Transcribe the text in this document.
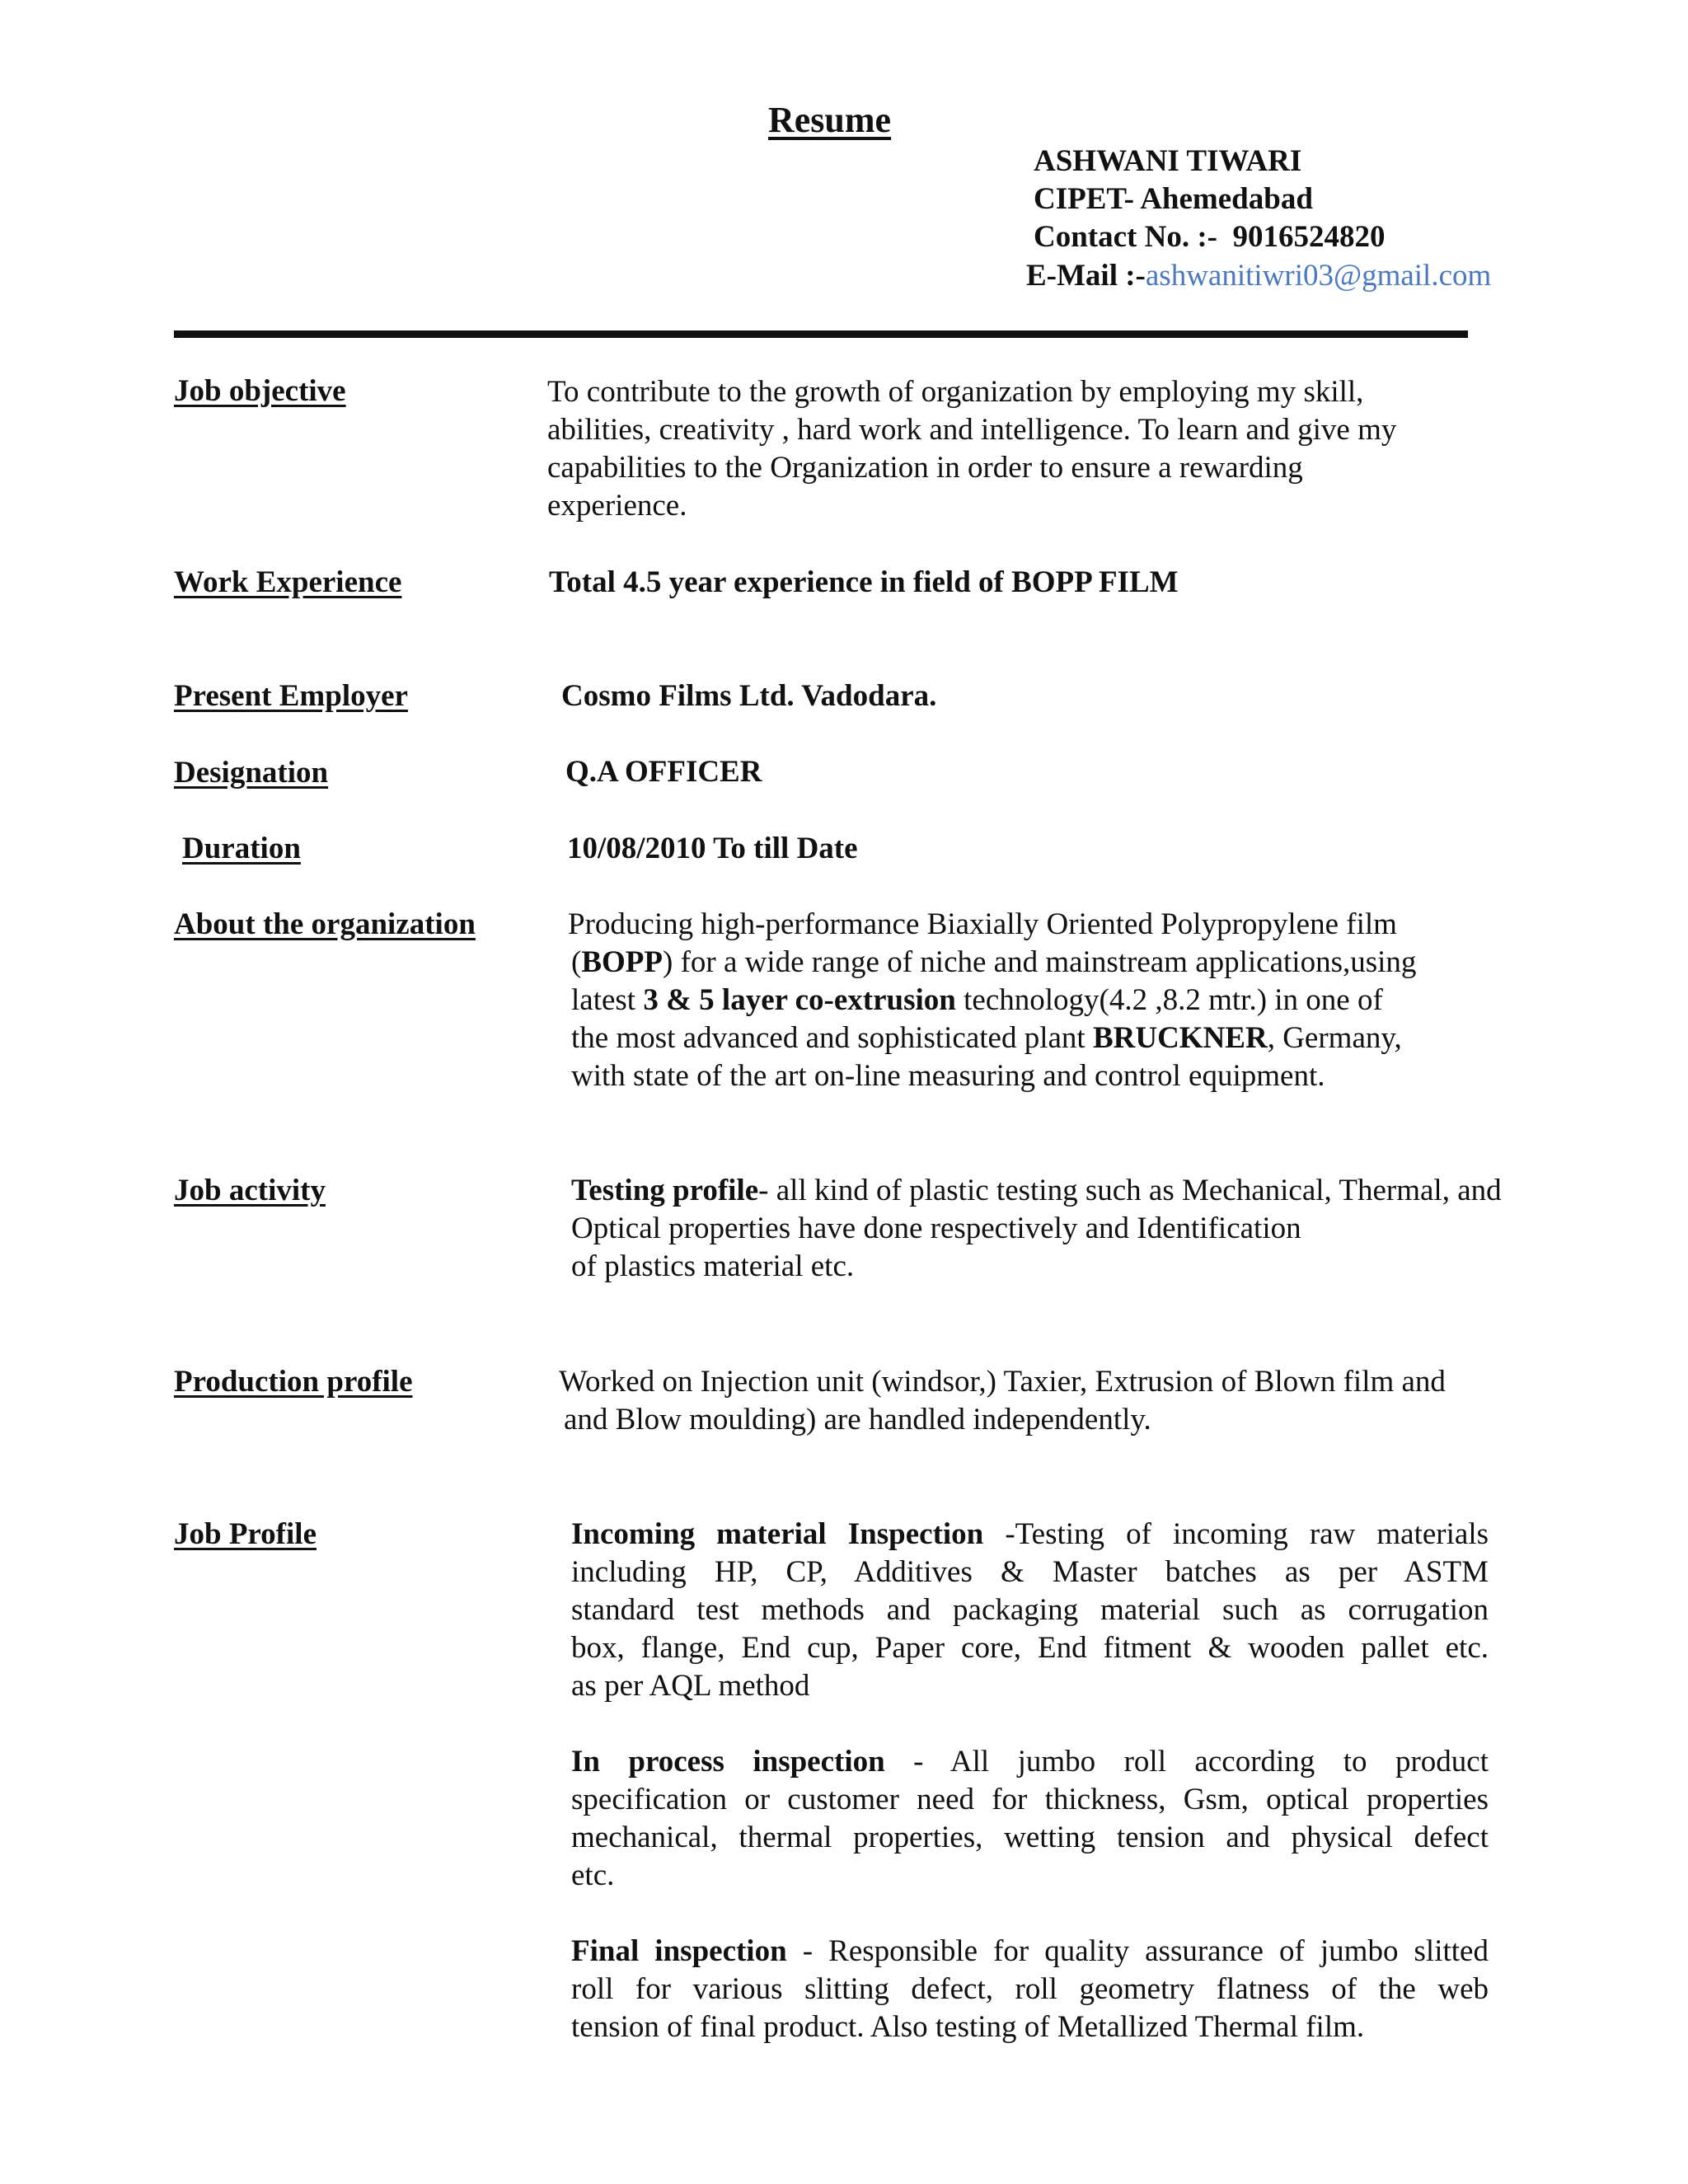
Resume
ASHWANI TIWARI
CIPET- Ahemedabad
Contact No. :- 9016524820
E-Mail :-ashwanitiwri03@gmail.com
Job objective	To contribute to the growth of organization by employing my skill,
abilities, creativity , hard work and intelligence. To learn and give my
capabilities to the Organization in order to ensure a rewarding
experience.
Work Experience	Total 4.5 year experience in field of BOPP FILM
Present Employer	Cosmo Films Ltd. Vadodara.
Designation	Q.A OFFICER
Duration	10/08/2010 To till Date
About the organization	Producing high-performance Biaxially Oriented Polypropylene film
(BOPP) for a wide range of niche and mainstream applications,using
latest 3 & 5 layer co-extrusion technology(4.2 ,8.2 mtr.) in one of
the most advanced and sophisticated plant BRUCKNER, Germany,
with state of the art on-line measuring and control equipment.
Job activity	Testing profile- all kind of plastic testing such as Mechanical, Thermal, and
Optical properties have done respectively and Identification
of plastics material etc.
Production profile	Worked on Injection unit (windsor,) Taxier, Extrusion of Blown film and
and Blow moulding) are handled independently.
Job Profile	Incoming material Inspection -Testing of incoming raw materials
including HP, CP, Additives & Master batches as per ASTM
standard test methods and packaging material such as corrugation
box, flange, End cup, Paper core, End fitment & wooden pallet etc.
as per AQL method
In process inspection - All jumbo roll according to product
specification or customer need for thickness, Gsm, optical properties
mechanical, thermal properties, wetting tension and physical defect
etc.
Final inspection - Responsible for quality assurance of jumbo slitted
roll for various slitting defect, roll geometry flatness of the web
tension of final product. Also testing of Metallized Thermal film.
